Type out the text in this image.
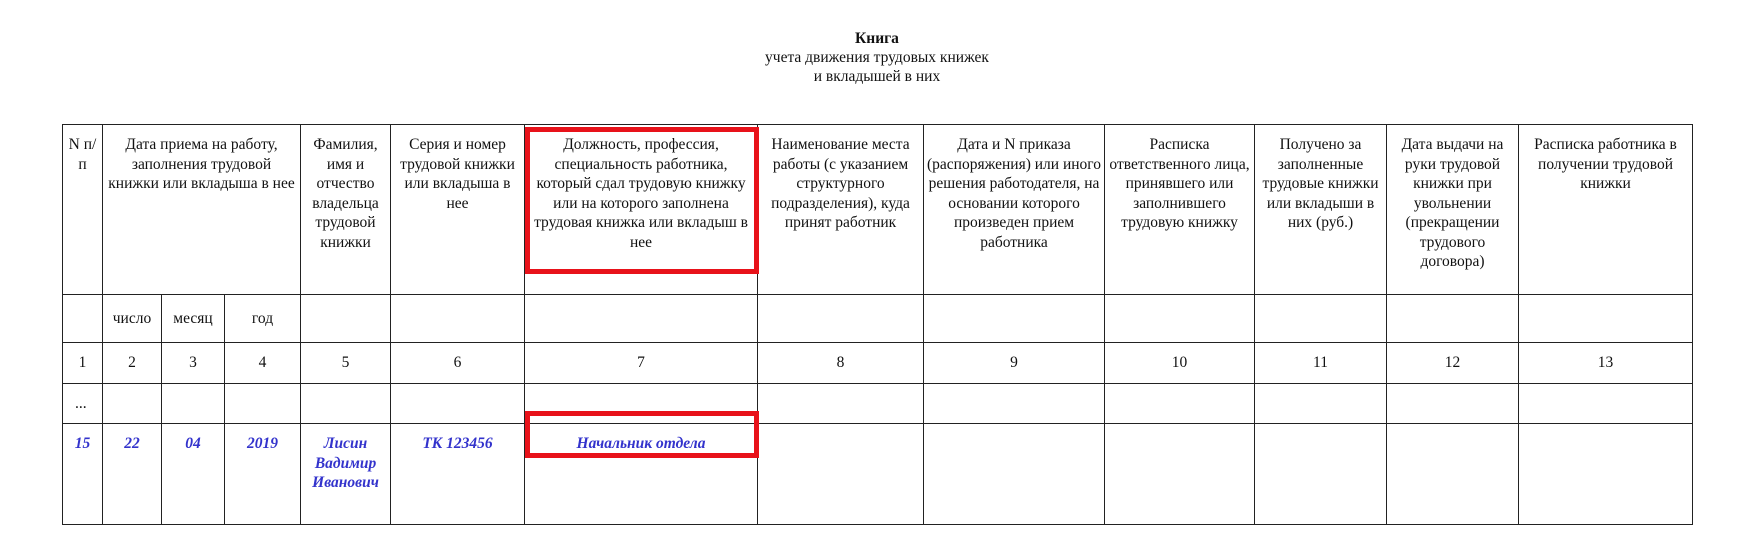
Книга
учета движения трудовых книжек
и вкладышей в них
N п/п	Дата приема на работу, заполнения трудовой книжки или вкладыша в нее			Фамилия, имя и отчество владельца трудовой книжки	Серия и номер трудовой книжки или вкладыша в нее	Должность, профессия, специальность работника, который сдал трудовую книжку или на которого заполнена трудовая книжка или вкладыш в нее	Наименование места работы (с указанием структурного подразделения), куда принят работник	Дата и N приказа (распоряжения) или иного решения работодателя, на основании которого произведен прием работника	Расписка ответственного лица, принявшего или заполнившего трудовую книжку	Получено за заполненные трудовые книжки или вкладыши в них (руб.)	Дата выдачи на руки трудовой книжки при увольнении (прекращении трудового договора)	Расписка работника в получении трудовой книжки
	число	месяц	год									
1	2	3	4	5	6	7	8	9	10	11	12	13
...												
15	22	04	2019	Лисин Вадимир Иванович	ТК 123456	Начальник отдела						
